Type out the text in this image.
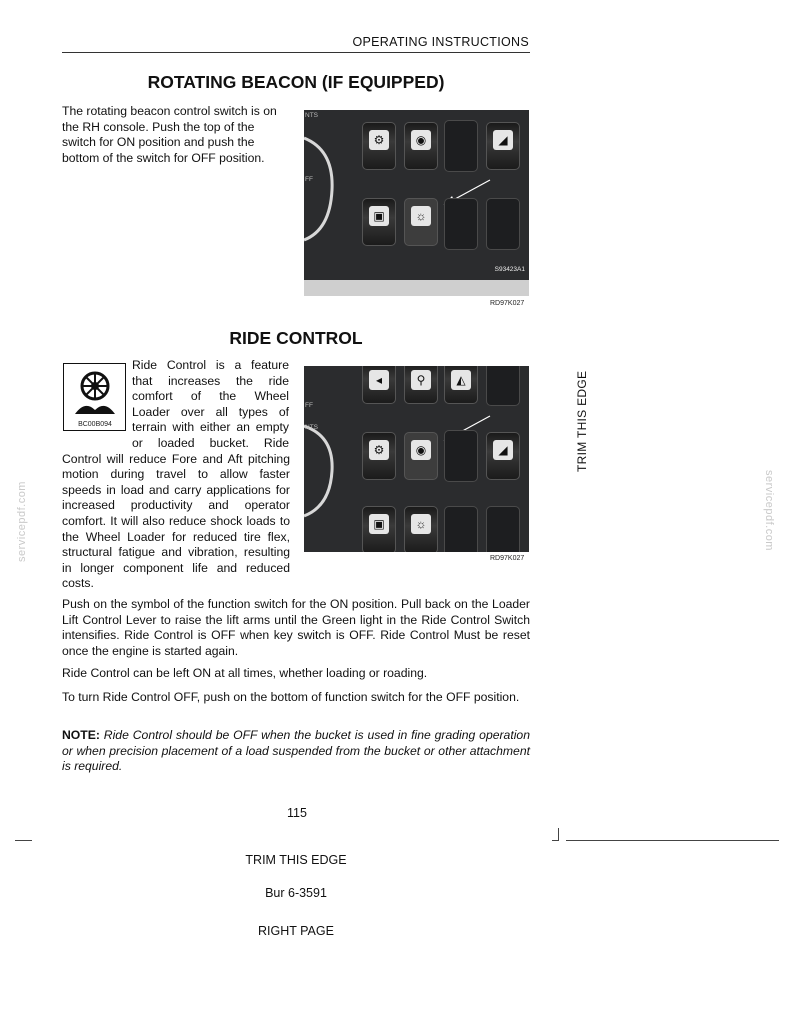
OPERATING INSTRUCTIONS
ROTATING BEACON (IF EQUIPPED)
The rotating beacon control switch is on the RH console. Push the top of the switch for ON position and push the bottom of the switch for OFF position.
NTS
FF
⚙	◉	◢
▣	☼
S93423A1
RD97K027
RIDE CONTROL
BC00B094
Ride Control is a feature
that increases the ride
comfort of the Wheel
Loader over all types of
terrain with either an empty
or loaded bucket. Ride
Control will reduce Fore and Aft pitching motion during travel to allow faster speeds in load and carry applications for increased productivity and operator comfort. It will also reduce shock loads to the Wheel Loader for reduced tire flex, structural fatigue and vibration, resulting in longer component life and reduced costs.
FF
NTS
◂	⚲	◭
⚙	◉	◢
▣	☼
RD97K027
Push on the symbol of the function switch for the ON position. Pull back on the Loader Lift Control Lever to raise the lift arms until the Green light in the Ride Control Switch intensifies. Ride Control is OFF when key switch is OFF. Ride Control Must be reset once the engine is started again.
Ride Control can be left ON at all times, whether loading or roading.
To turn Ride Control OFF, push on the bottom of function switch for the OFF position.
NOTE: Ride Control should be OFF when the bucket is used in fine grading operation or when precision placement of a load suspended from the bucket or other attachment is required.
115
TRIM THIS EDGE
servicepdf.com	servicepdf.com
TRIM THIS EDGE
Bur 6-3591
RIGHT PAGE
